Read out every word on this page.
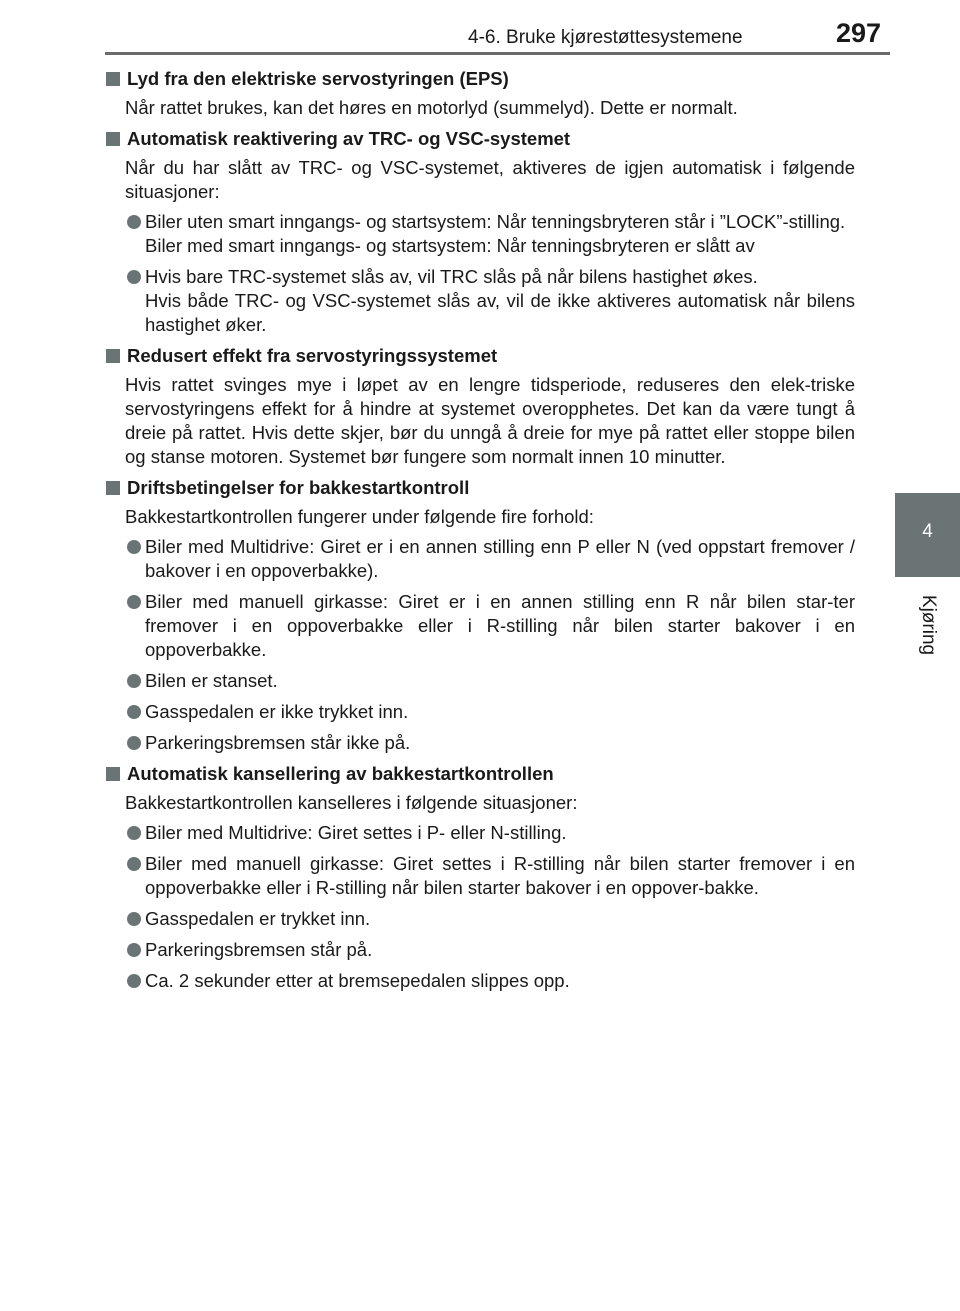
4-6. Bruke kjørestøttesystemene	297
4
Kjøring
Lyd fra den elektriske servostyringen (EPS)
Når rattet brukes, kan det høres en motorlyd (summelyd). Dette er normalt.
Automatisk reaktivering av TRC- og VSC-systemet
Når du har slått av TRC- og VSC-systemet, aktiveres de igjen automatisk i følgende situasjoner:
Biler uten smart inngangs- og startsystem: Når tenningsbryteren står i ”LOCK”-stilling.
Biler med smart inngangs- og startsystem: Når tenningsbryteren er slått av
Hvis bare TRC-systemet slås av, vil TRC slås på når bilens hastighet økes.
Hvis både TRC- og VSC-systemet slås av, vil de ikke aktiveres automatisk når bilens hastighet øker.
Redusert effekt fra servostyringssystemet
Hvis rattet svinges mye i løpet av en lengre tidsperiode, reduseres den elek-triske servostyringens effekt for å hindre at systemet overopphetes. Det kan da være tungt å dreie på rattet. Hvis dette skjer, bør du unngå å dreie for mye på rattet eller stoppe bilen og stanse motoren. Systemet bør fungere som normalt innen 10 minutter.
Driftsbetingelser for bakkestartkontroll
Bakkestartkontrollen fungerer under følgende fire forhold:
Biler med Multidrive: Giret er i en annen stilling enn P eller N (ved oppstart fremover / bakover i en oppoverbakke).
Biler med manuell girkasse: Giret er i en annen stilling enn R når bilen star-ter fremover i en oppoverbakke eller i R-stilling når bilen starter bakover i en oppoverbakke.
Bilen er stanset.
Gasspedalen er ikke trykket inn.
Parkeringsbremsen står ikke på.
Automatisk kansellering av bakkestartkontrollen
Bakkestartkontrollen kanselleres i følgende situasjoner:
Biler med Multidrive: Giret settes i P- eller N-stilling.
Biler med manuell girkasse: Giret settes i R-stilling når bilen starter fremover i en oppoverbakke eller i R-stilling når bilen starter bakover i en oppover-bakke.
Gasspedalen er trykket inn.
Parkeringsbremsen står på.
Ca. 2 sekunder etter at bremsepedalen slippes opp.
